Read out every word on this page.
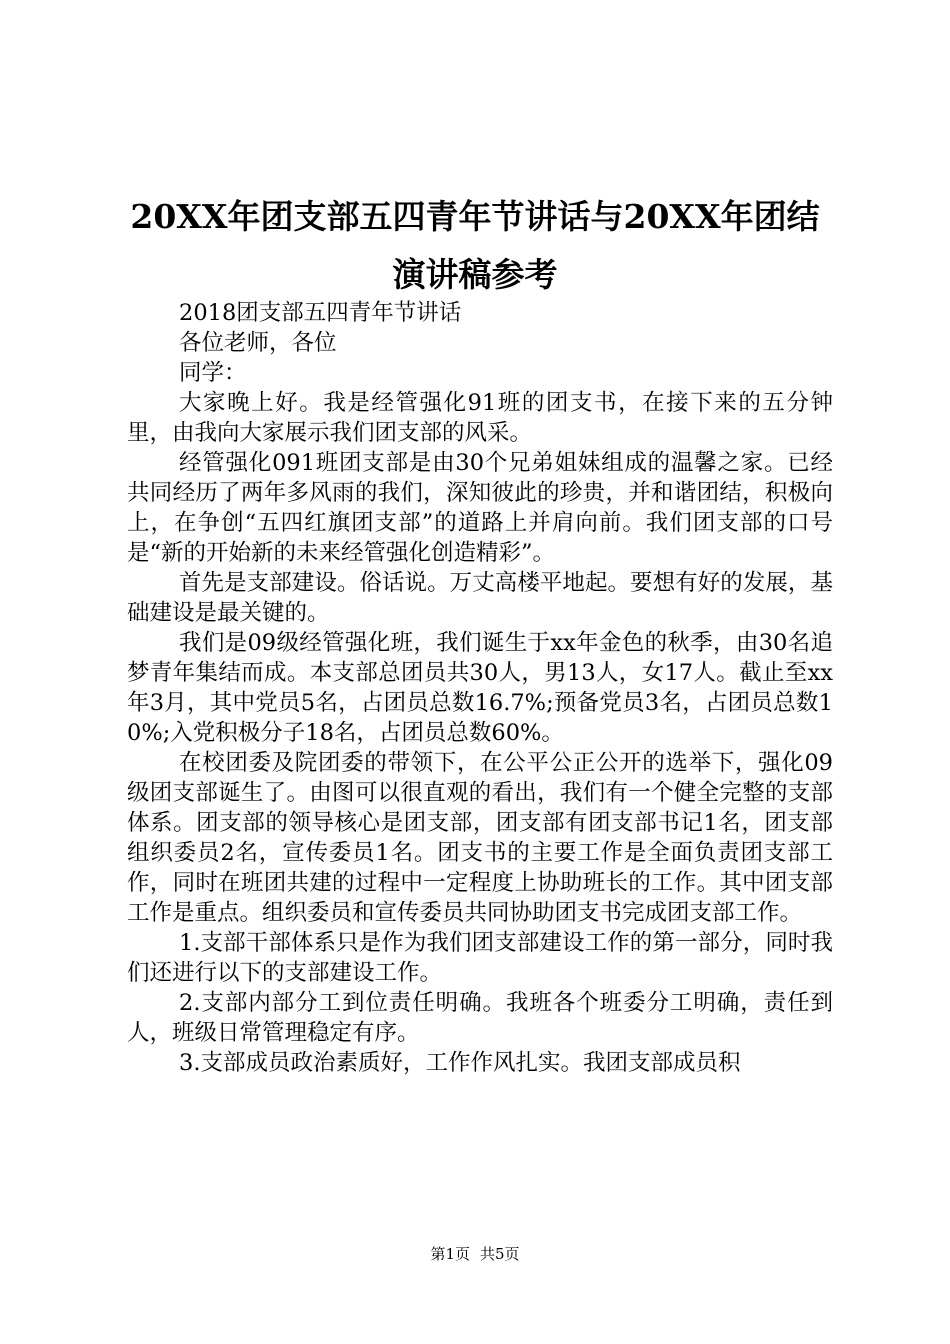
20XX年团支部五四青年节讲话与20XX年团结
演讲稿参考

2018团支部五四青年节讲话

各位老师，各位

同学：

大家晚上好。我是经管强化91班的团支书，在接下来的五分钟里，由我向大家展示我们团支部的风采。

经管强化091班团支部是由30个兄弟姐妹组成的温馨之家。已经共同经历了两年多风雨的我们，深知彼此的珍贵，并和谐团结，积极向上，在争创“五四红旗团支部”的道路上并肩向前。我们团支部的口号是“新的开始新的未来经管强化创造精彩”。

首先是支部建设。俗话说。万丈高楼平地起。要想有好的发展，基础建设是最关键的。

我们是09级经管强化班，我们诞生于xx年金色的秋季，由30名追梦青年集结而成。本支部总团员共30人，男13人，女17人。截止至xx年3月，其中党员5名，占团员总数16.7%;预备党员3名，占团员总数10%;入党积极分子18名，占团员总数60%。

在校团委及院团委的带领下，在公平公正公开的选举下，强化09级团支部诞生了。由图可以很直观的看出，我们有一个健全完整的支部体系。团支部的领导核心是团支部，团支部有团支部书记1名，团支部组织委员2名，宣传委员1名。团支书的主要工作是全面负责团支部工作，同时在班团共建的过程中一定程度上协助班长的工作。其中团支部工作是重点。组织委员和宣传委员共同协助团支书完成团支部工作。

1.支部干部体系只是作为我们团支部建设工作的第一部分，同时我们还进行以下的支部建设工作。

2.支部内部分工到位责任明确。我班各个班委分工明确，责任到人，班级日常管理稳定有序。

3.支部成员政治素质好，工作作风扎实。我团支部成员积

第1页 共5页
